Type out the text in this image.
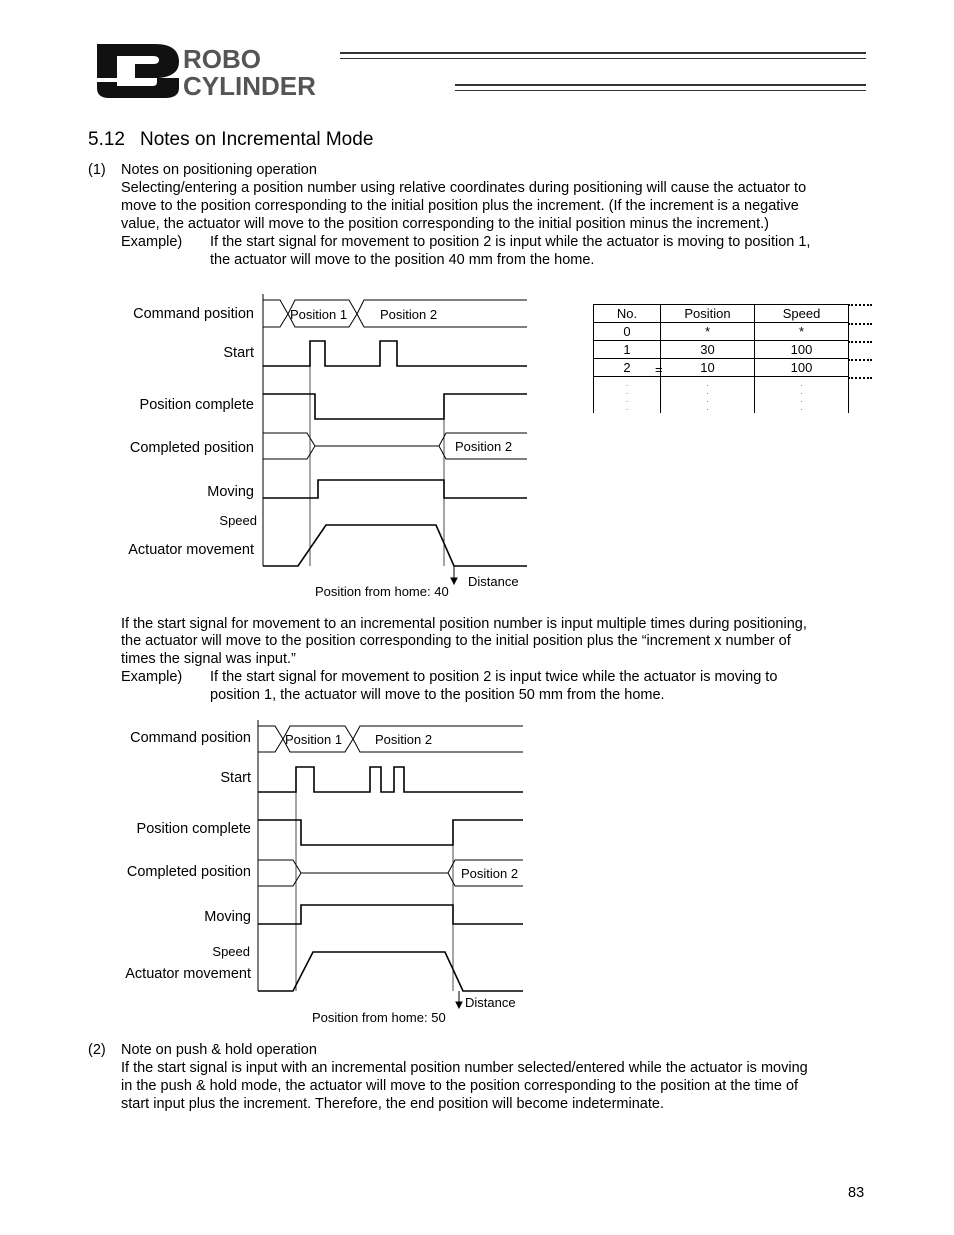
ROBO
CYLINDER
5.12 Notes on Incremental Mode
(1) Notes on positioning operation
Selecting/entering a position number using relative coordinates during positioning will cause the actuator to
move to the position corresponding to the initial position plus the increment. (If the increment is a negative
value, the actuator will move to the position corresponding to the initial position minus the increment.)
Example) If the start signal for movement to position 2 is input while the actuator is moving to position 1,
the actuator will move to the position 40 mm from the home.
Command position
Start
Position complete
Completed position
Moving
Speed
Actuator movement
Position 1	Position 2
Position 2
Distance
Position from home: 40
No.	Position	Speed
0	*	*
1	30	100
2	10	100
.
.
.
.	.
.
.
.	.
.
.
.
=
If the start signal for movement to an incremental position number is input multiple times during positioning,
the actuator will move to the position corresponding to the initial position plus the “increment x number of
times the signal was input.”
Example) If the start signal for movement to position 2 is input twice while the actuator is moving to
position 1, the actuator will move to the position 50 mm from the home.
Command position
Start
Position complete
Completed position
Moving
Speed
Actuator movement
Position 1	Position 2
Position 2
Distance
Position from home: 50
(2) Note on push & hold operation
If the start signal is input with an incremental position number selected/entered while the actuator is moving
in the push & hold mode, the actuator will move to the position corresponding to the position at the time of
start input plus the increment. Therefore, the end position will become indeterminate.
83
